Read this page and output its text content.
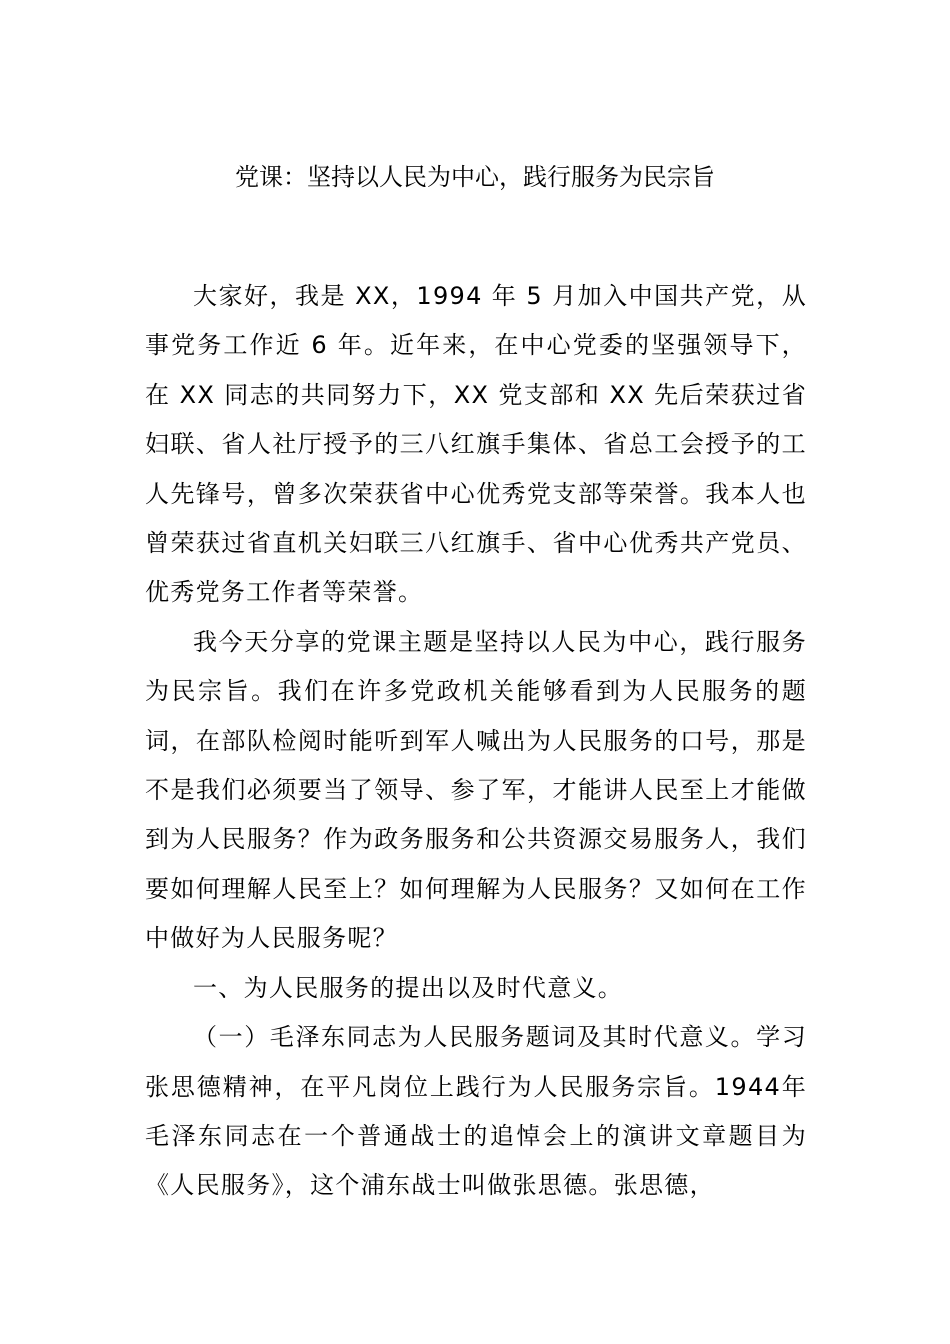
党课：坚持以人民为中心，践行服务为民宗旨

大家好，我是 XX，1994 年 5 月加入中国共产党，从事党务工作近 6 年。近年来，在中心党委的坚强领导下，在 XX 同志的共同努力下，XX 党支部和 XX 先后荣获过省妇联、省人社厅授予的三八红旗手集体、省总工会授予的工人先锋号，曾多次荣获省中心优秀党支部等荣誉。我本人也曾荣获过省直机关妇联三八红旗手、省中心优秀共产党员、优秀党务工作者等荣誉。

我今天分享的党课主题是坚持以人民为中心，践行服务为民宗旨。我们在许多党政机关能够看到为人民服务的题词，在部队检阅时能听到军人喊出为人民服务的口号，那是不是我们必须要当了领导、参了军，才能讲人民至上才能做到为人民服务？作为政务服务和公共资源交易服务人，我们要如何理解人民至上？如何理解为人民服务？又如何在工作中做好为人民服务呢？

一、为人民服务的提出以及时代意义。

（一）毛泽东同志为人民服务题词及其时代意义。学习张思德精神，在平凡岗位上践行为人民服务宗旨。1944年毛泽东同志在一个普通战士的追悼会上的演讲文章题目为《人民服务》，这个浦东战士叫做张思德。张思德，
